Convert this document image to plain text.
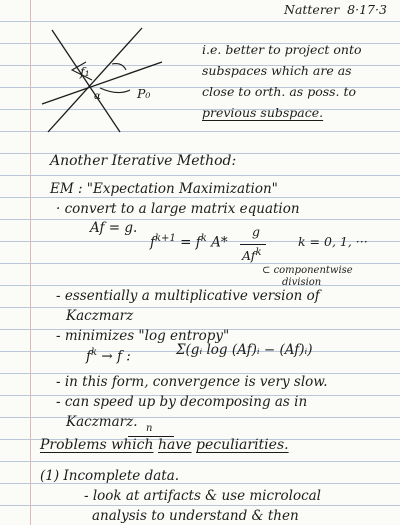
Natterer 8·17·3
f₁
α	P₀
i.e. better to project onto
subspaces which are as
close to orth. as poss. to
previous subspace.
Another Iterative Method:
EM : "Expectation Maximization"
· convert to a large matrix equation
Af = g.
$f^{k+1} = f^k$ A*
g
Af$^k$
k = 0, 1, ···
⊂ componentwise
division
- essentially a multiplicative version of
Kaczmarz
- minimizes "log entropy"
$f^k \to f$ :	Σ(gᵢ log (Af)ᵢ − (Af)ᵢ)
- in this form, convergence is very slow.
- can speed up by decomposing as in
Kaczmarz. n
Problems which have peculiarities.
(1) Incomplete data.
- look at artifacts & use microlocal
analysis to understand & then
